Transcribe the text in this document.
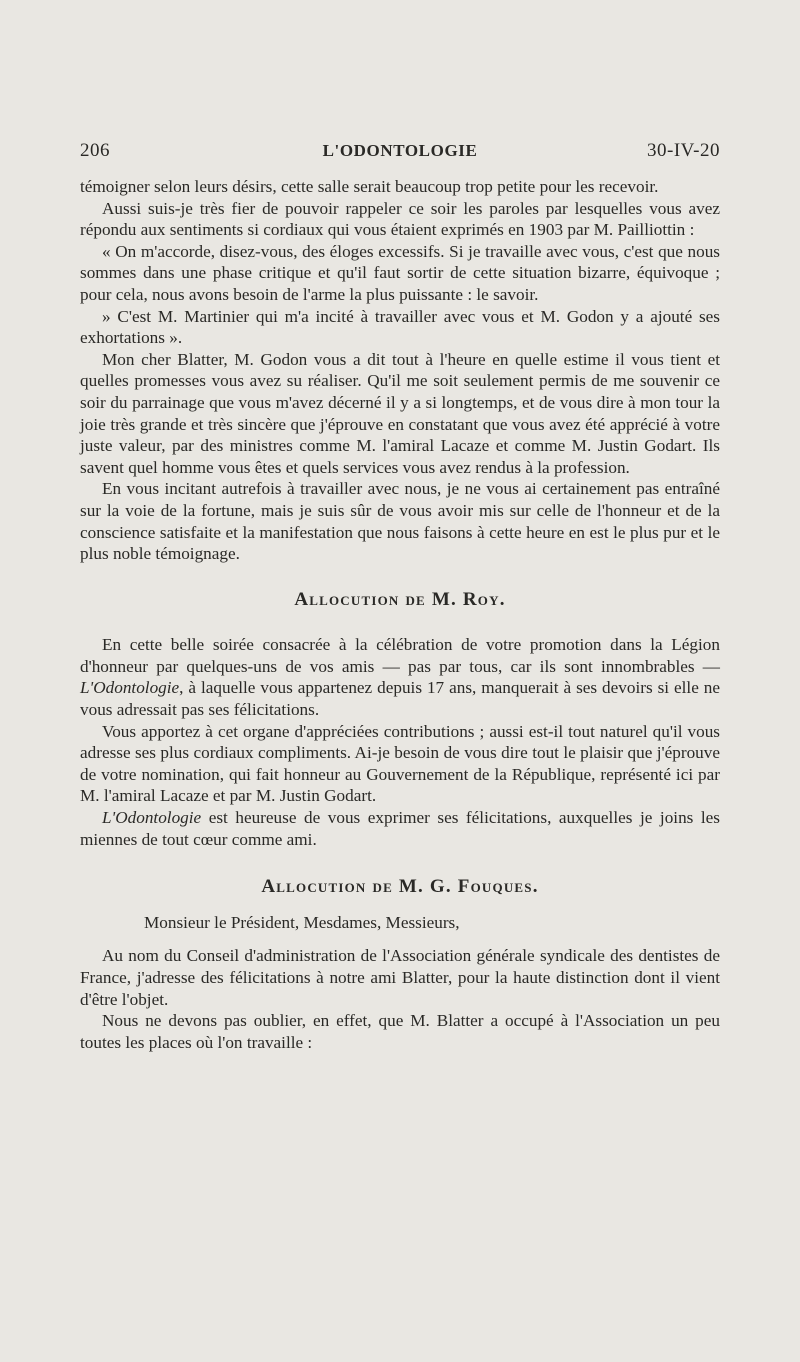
206	L'ODONTOLOGIE	30-IV-20

témoigner selon leurs désirs, cette salle serait beaucoup trop petite pour les recevoir.

Aussi suis-je très fier de pouvoir rappeler ce soir les paroles par lesquelles vous avez répondu aux sentiments si cordiaux qui vous étaient exprimés en 1903 par M. Pailliottin :

« On m'accorde, disez-vous, des éloges excessifs. Si je travaille avec vous, c'est que nous sommes dans une phase critique et qu'il faut sortir de cette situation bizarre, équivoque ; pour cela, nous avons besoin de l'arme la plus puissante : le savoir.

» C'est M. Martinier qui m'a incité à travailler avec vous et M. Godon y a ajouté ses exhortations ».

Mon cher Blatter, M. Godon vous a dit tout à l'heure en quelle estime il vous tient et quelles promesses vous avez su réaliser. Qu'il me soit seulement permis de me souvenir ce soir du parrainage que vous m'avez décerné il y a si longtemps, et de vous dire à mon tour la joie très grande et très sincère que j'éprouve en constatant que vous avez été apprécié à votre juste valeur, par des ministres comme M. l'amiral Lacaze et comme M. Justin Godart. Ils savent quel homme vous êtes et quels services vous avez rendus à la profession.

En vous incitant autrefois à travailler avec nous, je ne vous ai certainement pas entraîné sur la voie de la fortune, mais je suis sûr de vous avoir mis sur celle de l'honneur et de la conscience satisfaite et la manifestation que nous faisons à cette heure en est le plus pur et le plus noble témoignage.

Allocution de M. Roy.

En cette belle soirée consacrée à la célébration de votre promotion dans la Légion d'honneur par quelques-uns de vos amis — pas par tous, car ils sont innombrables — L'Odontologie, à laquelle vous appartenez depuis 17 ans, manquerait à ses devoirs si elle ne vous adressait pas ses félicitations.

Vous apportez à cet organe d'appréciées contributions ; aussi est-il tout naturel qu'il vous adresse ses plus cordiaux compliments. Ai-je besoin de vous dire tout le plaisir que j'éprouve de votre nomination, qui fait honneur au Gouvernement de la République, représenté ici par M. l'amiral Lacaze et par M. Justin Godart.

L'Odontologie est heureuse de vous exprimer ses félicitations, auxquelles je joins les miennes de tout cœur comme ami.

Allocution de M. G. Fouques.

Monsieur le Président, Mesdames, Messieurs,

Au nom du Conseil d'administration de l'Association générale syndicale des dentistes de France, j'adresse des félicitations à notre ami Blatter, pour la haute distinction dont il vient d'être l'objet.

Nous ne devons pas oublier, en effet, que M. Blatter a occupé à l'Association un peu toutes les places où l'on travaille :
